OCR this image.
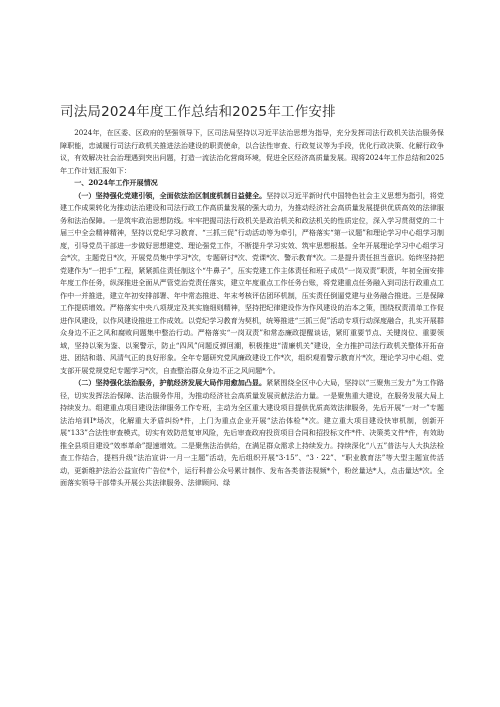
司法局2024年度工作总结和2025年工作安排

2024年，在区委、区政府的坚强领导下，区司法局坚持以习近平法治思想为指导，充分发挥司法行政机关法治服务保障职能，忠诚履行司法行政机关推进法治建设的职责使命，以合法性审查、行政复议等为手段，优化行政决策、化解行政争议，有效解决社会治理遇到突出问题，打造一流法治化营商环境，促进全区经济高质量发展。现将2024年工作总结和2025年工作计划汇报如下：

一、2024年工作开展情况

（一）坚持强化党建引领，全面依法治区制度机制日益健全。坚持以习近平新时代中国特色社会主义思想为指引，将党建工作成果转化为推动法治建设和司法行政工作高质量发展的强大动力，为推动经济社会高质量发展提供优质高效的法律服务和法治保障。一是筑牢政治思想防线。牢牢把握司法行政机关是政治机关和政法机关的性质定位，深入学习贯彻党的二十届三中全会精神精神，坚持以党纪学习教育、“三抓三促”行动活动等为牵引，严格落实“第一议题”和理论学习中心组学习制度，引导党员干部进一步做好思想建党、理论强党工作，不断提升学习实效、筑牢思想根基。全年开展理论学习中心组学习会*次，主题党日*次，开展党员集中学习*次，专题研讨*次、党课*次、警示教育*次。二是提升责任担当意识。始终坚持把党建作为“一把手”工程，紧紧抓住责任制这个“牛鼻子”，压实党建工作主体责任和班子成员“一岗双责”职责，年初全面安排年度工作任务，纵深推进全面从严管党治党责任落实，建立年度重点工作任务台账，将党建重点任务融入到司法行政重点工作中一并推进，建立年初安排部署、年中常态推进、年末考核评估团环机制，压实责任倒逼党建与业务融合推进。三是保障工作提质增效。严格落实中央八项规定及其实施细则精神，坚持把纪律建设作为作风建设的治本之策，围绕权责清单工作促进作风建设，以作风建设推进工作成效。以党纪学习教育为契机，统筹推进“三抓三促”活动专项行动深度融合，扎实开展群众身边不正之风和腐败问题集中整治行动。严格落实“一岗双责”和常态廉政提醒谈话，紧盯重要节点、关键岗位、重要领域，坚持以案为鉴、以案警示，防止“四风”问题反弹回潮，积极推进“清廉机关”建设，全力推护司法行政机关整体开拓奋进、团结和谐、风清气正的良好形象。全年专题研究党风廉政建设工作*次，组织观看警示教育片*次，理论学习中心组、党支部开展党规党纪专题学习*次，自查整治群众身边不正之风问题*个。

（二）坚持强化法治服务，护航经济发展大局作用愈加凸显。紧紧围绕全区中心大局，坚持以“三聚焦三发力”为工作路径，切实发挥法治保障、法治服务作用，为推动经济社会高质量发展贡献法治力量。一是聚焦重大建设，在服务发展大局上持续发力。组建重点项目建设法律服务工作专班，主动为全区重大建设项目提供优质高效法律服务，先后开展“一对一”专题法治培训I*场次，化解重大矛盾纠纷*件，上门为重点企业开展“法治体检”*次。建立重大项目建设快审机制，创新开展“133”合法性审查模式，切实有效防范复审风险，先后审查政府投资项目合同和招投标文件*件、决策类文件*件，有效助推全县项目建设“效率革命”提速增效。二是聚焦法治供给，在满足群众需求上持续发力。持续深化“八五”普法与人大执法检查工作结合，提档升级“法治宣讲·一月一主题”活动，先后组织开展“3·15”、“3 · 22”、“职业教育法”等大型主题宣传活动，更新维护法治公益宣传广告位*个，运行科普公众号累计制作、发布各类普法视频*个，粉丝量达*人，点击量达*次。全面落实领导干部带头开展公共法律服务、法律顾问、绿
